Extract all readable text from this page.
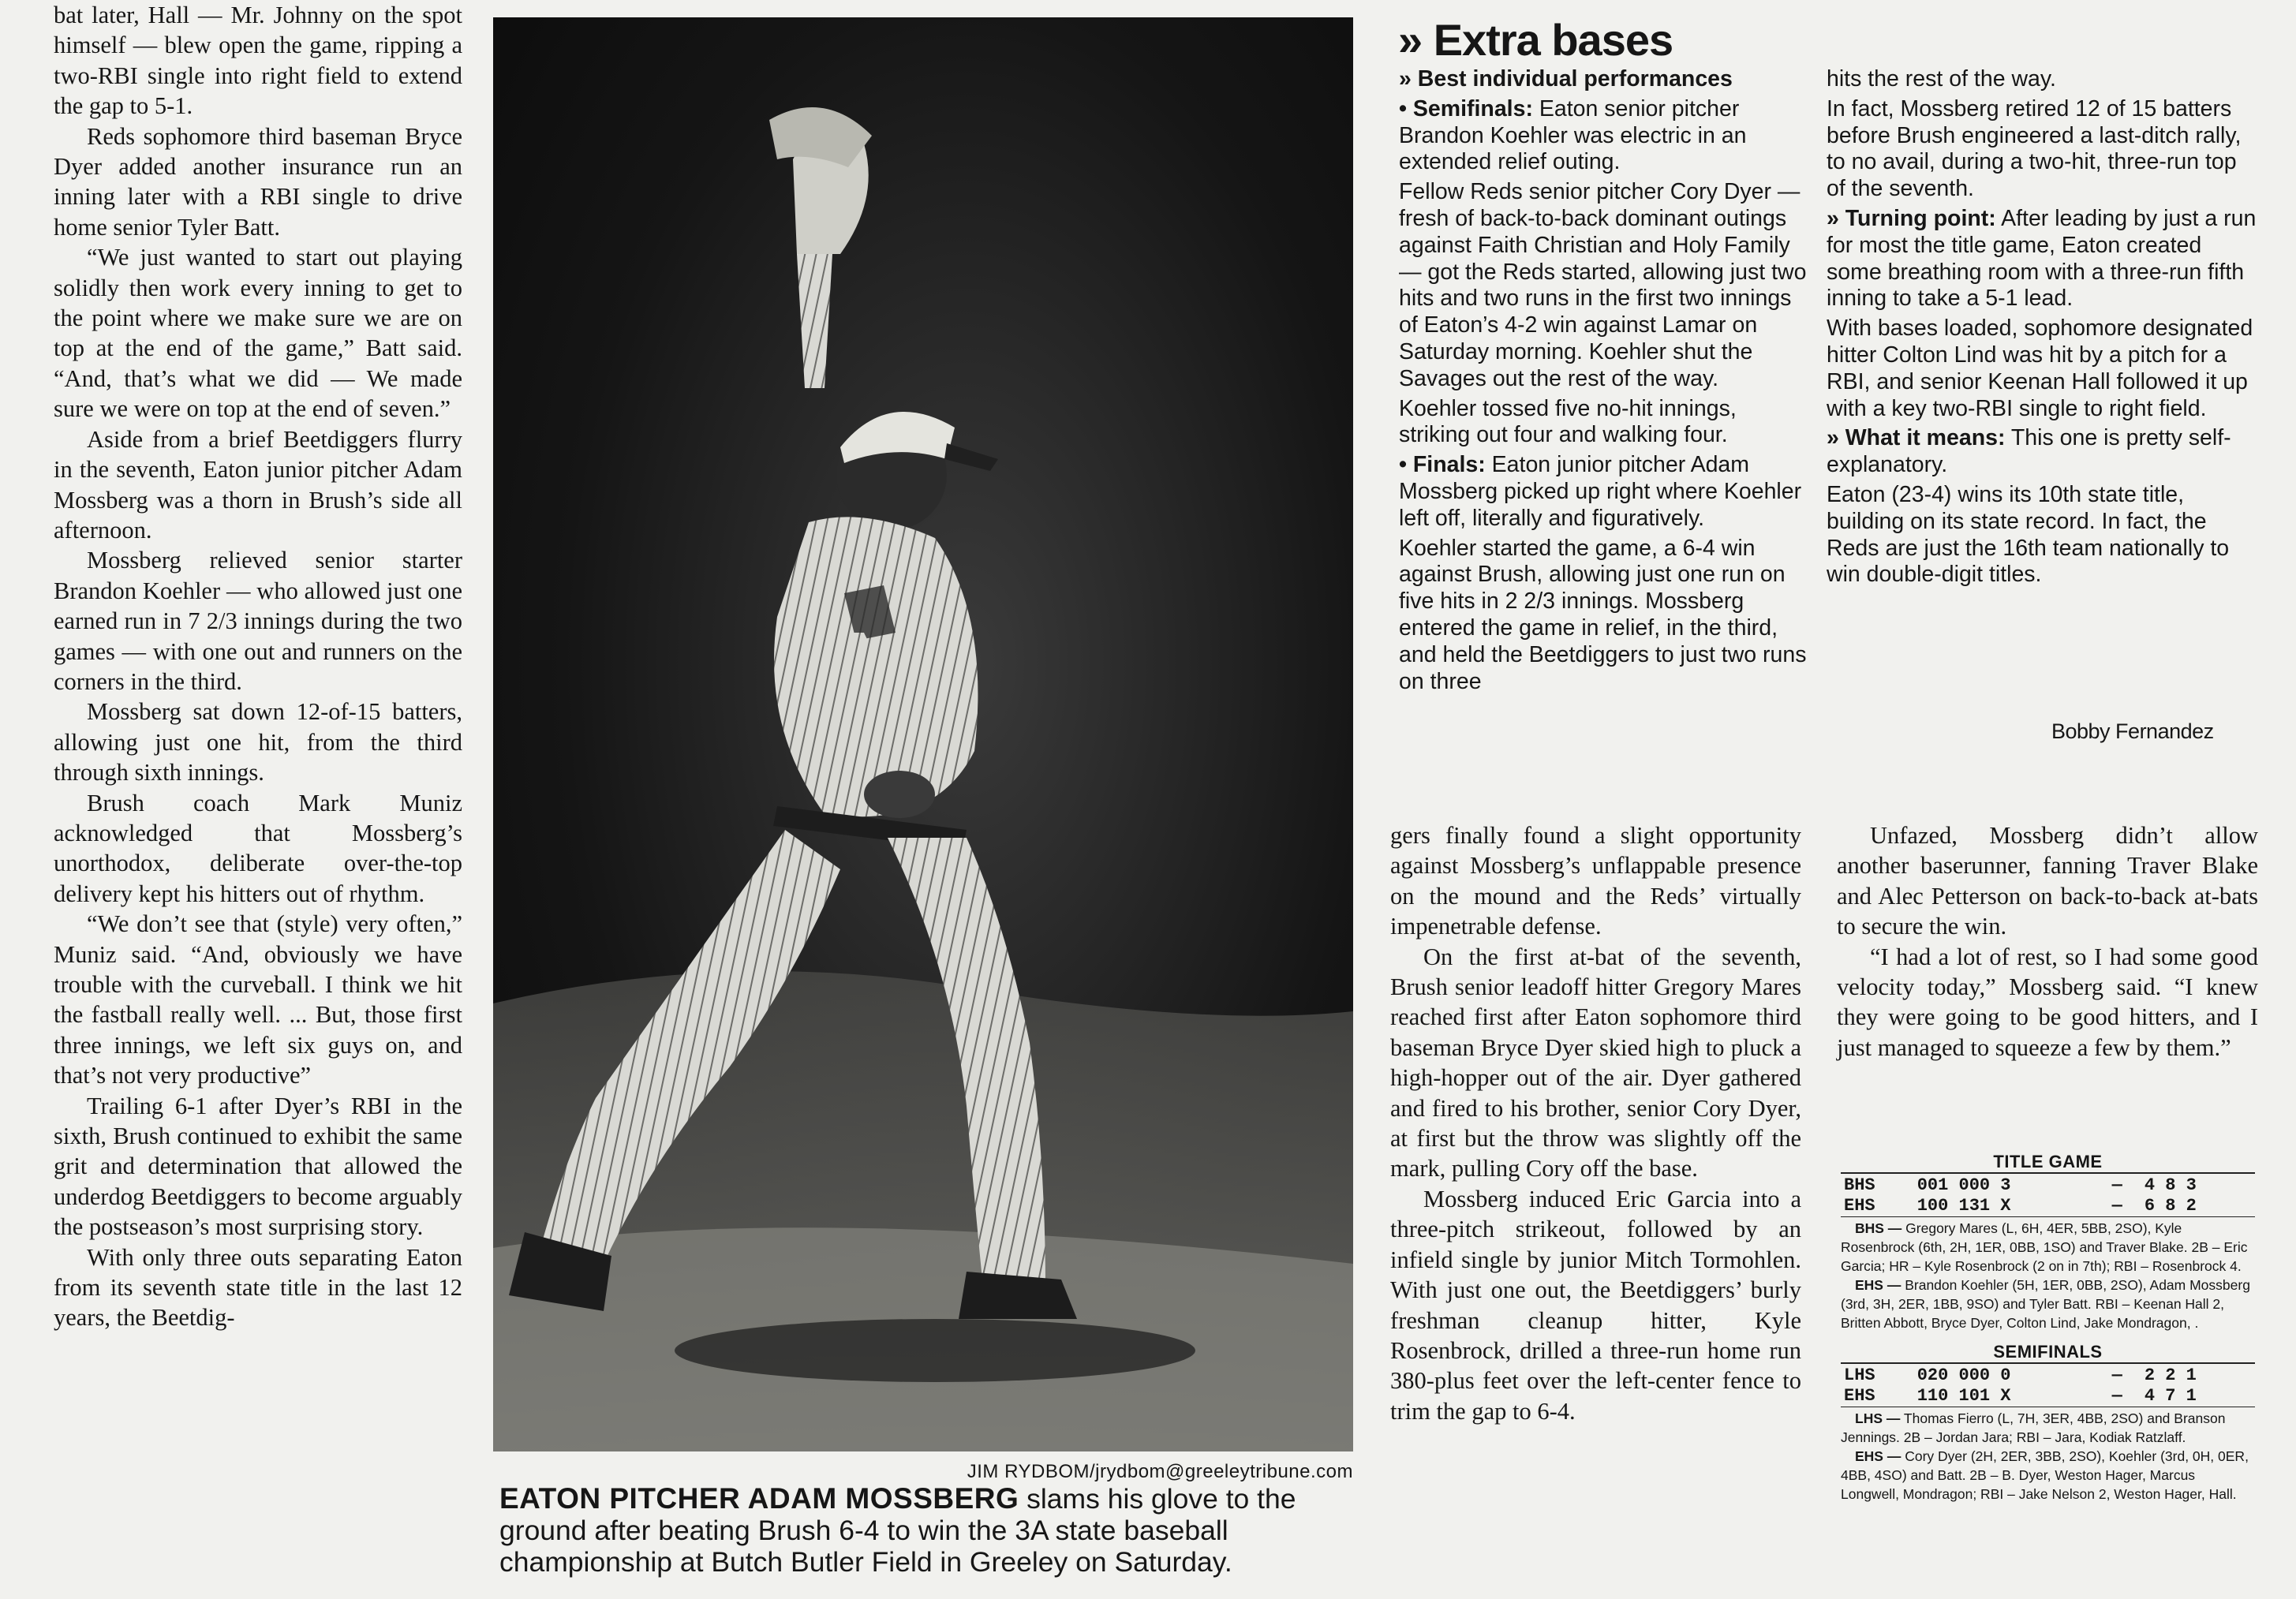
bat later, Hall — Mr. Johnny on the spot himself — blew open the game, ripping a two-RBI single into right field to extend the gap to 5-1.

Reds sophomore third baseman Bryce Dyer added another insurance run an inning later with a RBI single to drive home senior Tyler Batt.

“We just wanted to start out playing solidly then work every inning to get to the point where we make sure we are on top at the end of the game,” Batt said. “And, that’s what we did — We made sure we were on top at the end of seven.”

Aside from a brief Beetdiggers flurry in the seventh, Eaton junior pitcher Adam Mossberg was a thorn in Brush’s side all afternoon.

Mossberg relieved senior starter Brandon Koehler — who allowed just one earned run in 7 2/3 innings during the two games — with one out and runners on the corners in the third.

Mossberg sat down 12-of-15 batters, allowing just one hit, from the third through sixth innings.

Brush coach Mark Muniz acknowledged that Mossberg’s unorthodox, deliberate over-the-top delivery kept his hitters out of rhythm.

“We don’t see that (style) very often,” Muniz said. “And, obviously we have trouble with the curveball. I think we hit the fastball really well. ... But, those first three innings, we left six guys on, and that’s not very productive”

Trailing 6-1 after Dyer’s RBI in the sixth, Brush continued to exhibit the same grit and determination that allowed the underdog Beetdiggers to become arguably the postseason’s most surprising story.

With only three outs separating Eaton from its seventh state title in the last 12 years, the Beetdig-

JIM RYDBOM/jrydbom@greeleytribune.com
EATON PITCHER ADAM MOSSBERG slams his glove to the ground after beating Brush 6-4 to win the 3A state baseball championship at Butch Butler Field in Greeley on Saturday.
» Extra bases

» Best individual performances

• Semifinals: Eaton senior pitcher Brandon Koehler was electric in an extended relief outing.

Fellow Reds senior pitcher Cory Dyer — fresh of back-to-back dominant outings against Faith Christian and Holy Family — got the Reds started, allowing just two hits and two runs in the first two innings of Eaton’s 4-2 win against Lamar on Saturday morning. Koehler shut the Savages out the rest of the way.

Koehler tossed five no-hit innings, striking out four and walking four.

• Finals: Eaton junior pitcher Adam Mossberg picked up right where Koehler left off, literally and figuratively.

Koehler started the game, a 6-4 win against Brush, allowing just one run on five hits in 2 2/3 innings. Mossberg entered the game in relief, in the third, and held the Beetdiggers to just two runs on three

hits the rest of the way.

In fact, Mossberg retired 12 of 15 batters before Brush engineered a last-ditch rally, to no avail, during a two-hit, three-run top of the seventh.

» Turning point: After leading by just a run for most the title game, Eaton created some breathing room with a three-run fifth inning to take a 5-1 lead.

With bases loaded, sophomore designated hitter Colton Lind was hit by a pitch for a RBI, and senior Keenan Hall followed it up with a key two-RBI single to right field.

» What it means: This one is pretty self-explanatory.

Eaton (23-4) wins its 10th state title, building on its state record. In fact, the Reds are just the 16th team nationally to win double-digit titles.

Bobby Fernandez

gers finally found a slight opportunity against Mossberg’s unflappable presence on the mound and the Reds’ virtually impenetrable defense.

On the first at-bat of the seventh, Brush senior leadoff hitter Gregory Mares reached first after Eaton sophomore third baseman Bryce Dyer skied high to pluck a high-hopper out of the air. Dyer gathered and fired to his brother, senior Cory Dyer, at first but the throw was slightly off the mark, pulling Cory off the base.

Mossberg induced Eric Garcia into a three-pitch strikeout, followed by an infield single by junior Mitch Tormohlen. With just one out, the Beetdiggers’ burly freshman cleanup hitter, Kyle Rosenbrock, drilled a three-run home run 380-plus feet over the left-center fence to trim the gap to 6-4.

Unfazed, Mossberg didn’t allow another baserunner, fanning Traver Blake and Alec Petterson on back-to-back at-bats to secure the win.

“I had a lot of rest, so I had some good velocity today,” Mossberg said. “I knew they were going to be good hitters, and I just managed to squeeze a few by them.”

TITLE GAME
BHS	001 000 3	—	4 8 3
EHS	100 131 X	—	6 8 2

BHS — Gregory Mares (L, 6H, 4ER, 5BB, 2SO), Kyle Rosenbrock (6th, 2H, 1ER, 0BB, 1SO) and Traver Blake. 2B – Eric Garcia; HR – Kyle Rosenbrock (2 on in 7th); RBI – Rosenbrock 4.

EHS — Brandon Koehler (5H, 1ER, 0BB, 2SO), Adam Mossberg (3rd, 3H, 2ER, 1BB, 9SO) and Tyler Batt. RBI – Keenan Hall 2, Britten Abbott, Bryce Dyer, Colton Lind, Jake Mondragon, .

SEMIFINALS
LHS	020 000 0	—	2 2 1
EHS	110 101 X	—	4 7 1

LHS — Thomas Fierro (L, 7H, 3ER, 4BB, 2SO) and Branson Jennings. 2B – Jordan Jara; RBI – Jara, Kodiak Ratzlaff.

EHS — Cory Dyer (2H, 2ER, 3BB, 2SO), Koehler (3rd, 0H, 0ER, 4BB, 4SO) and Batt. 2B – B. Dyer, Weston Hager, Marcus Longwell, Mondragon; RBI – Jake Nelson 2, Weston Hager, Hall.
